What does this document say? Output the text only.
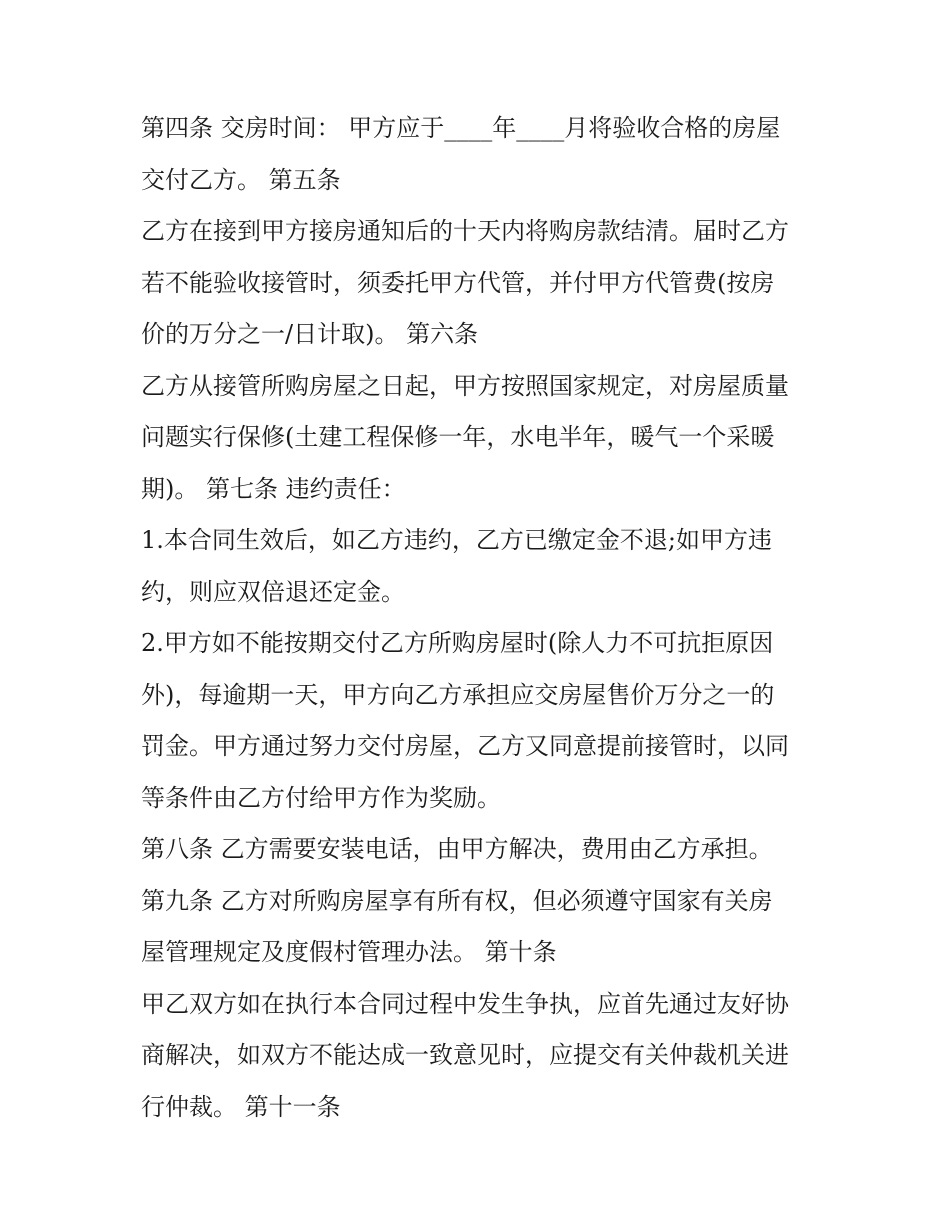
第四条 交房时间： 甲方应于____年____月将验收合格的房屋
交付乙方。 第五条
乙方在接到甲方接房通知后的十天内将购房款结清。届时乙方
若不能验收接管时，须委托甲方代管，并付甲方代管费(按房
价的万分之一/日计取)。 第六条
乙方从接管所购房屋之日起，甲方按照国家规定，对房屋质量
问题实行保修(土建工程保修一年，水电半年，暖气一个采暖
期)。 第七条 违约责任：
1.本合同生效后，如乙方违约，乙方已缴定金不退;如甲方违
约，则应双倍退还定金。
2.甲方如不能按期交付乙方所购房屋时(除人力不可抗拒原因
外)，每逾期一天，甲方向乙方承担应交房屋售价万分之一的
罚金。甲方通过努力交付房屋，乙方又同意提前接管时，以同
等条件由乙方付给甲方作为奖励。
第八条 乙方需要安装电话，由甲方解决，费用由乙方承担。
第九条 乙方对所购房屋享有所有权，但必须遵守国家有关房
屋管理规定及度假村管理办法。 第十条
甲乙双方如在执行本合同过程中发生争执，应首先通过友好协
商解决，如双方不能达成一致意见时，应提交有关仲裁机关进
行仲裁。 第十一条
